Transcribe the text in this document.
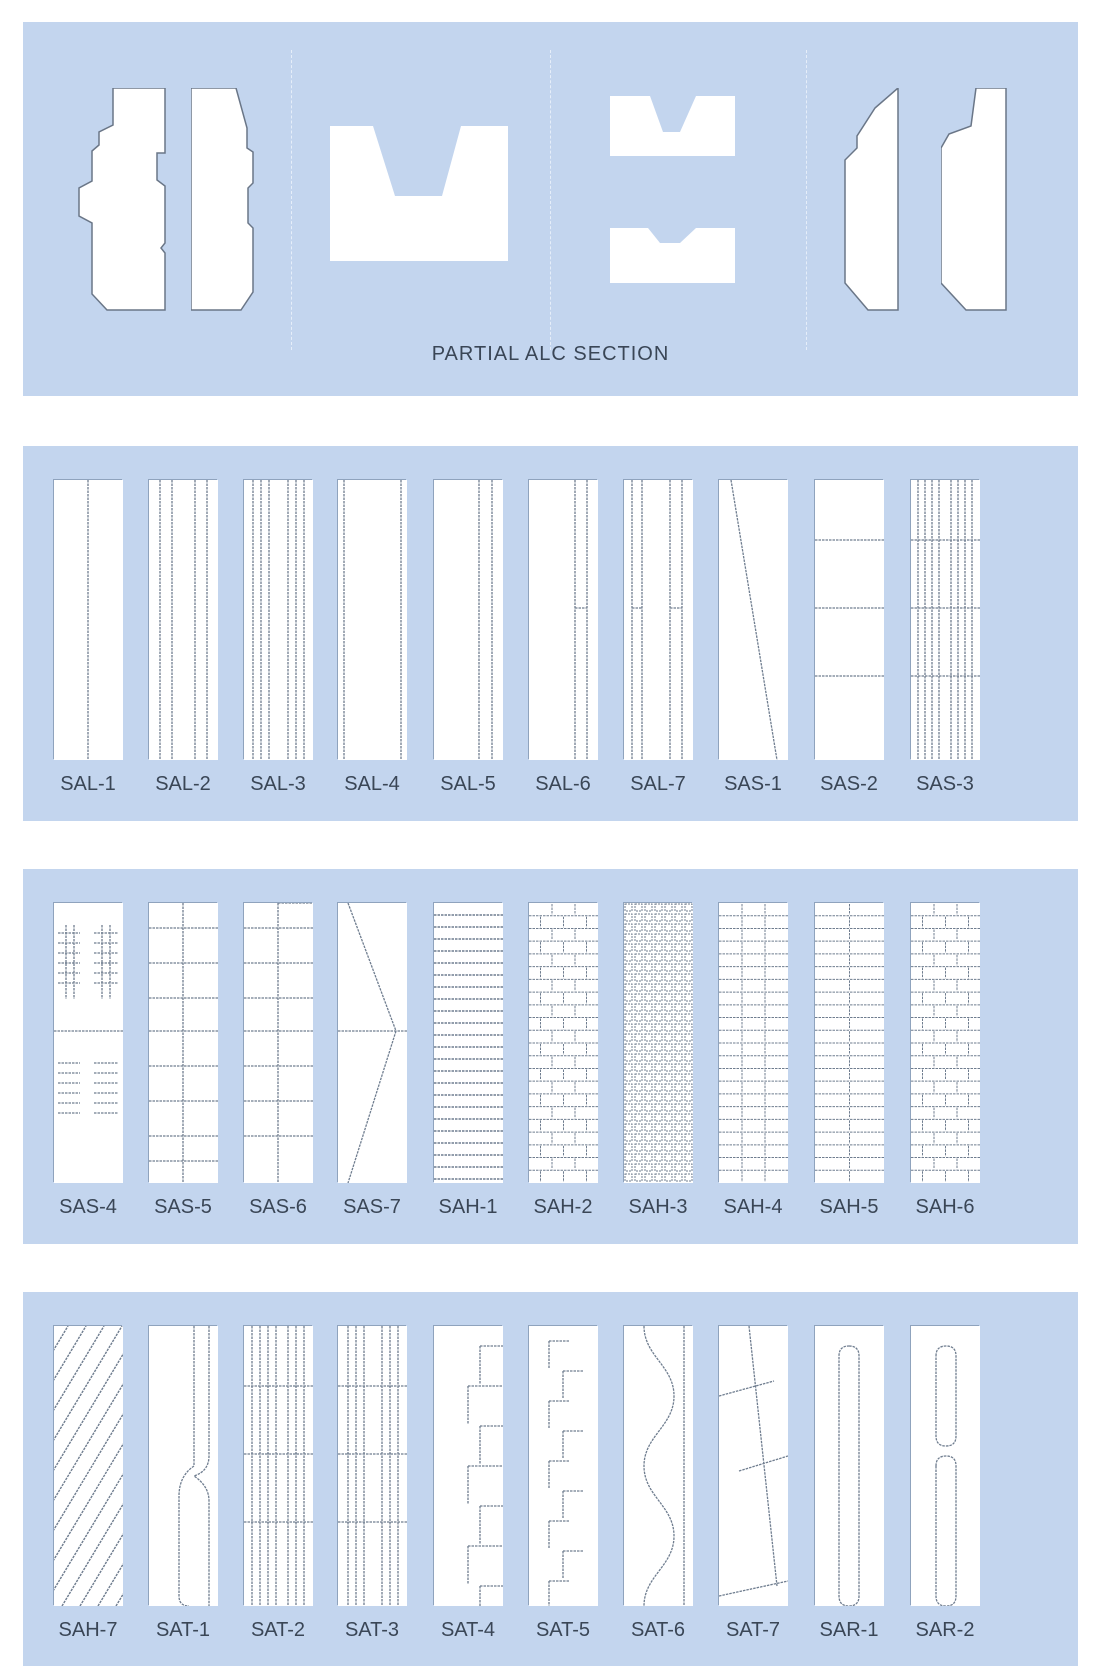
PARTIAL ALC SECTION
SAL-1	SAL-2	SAL-3	SAL-4	SAL-5	SAL-6	SAL-7	SAS-1	SAS-2	SAS-3
SAS-4	SAS-5	SAS-6	SAS-7	SAH-1	SAH-2	SAH-3	SAH-4	SAH-5	SAH-6
SAH-7	SAT-1	SAT-2	SAT-3	SAT-4	SAT-5	SAT-6	SAT-7	SAR-1	SAR-2
